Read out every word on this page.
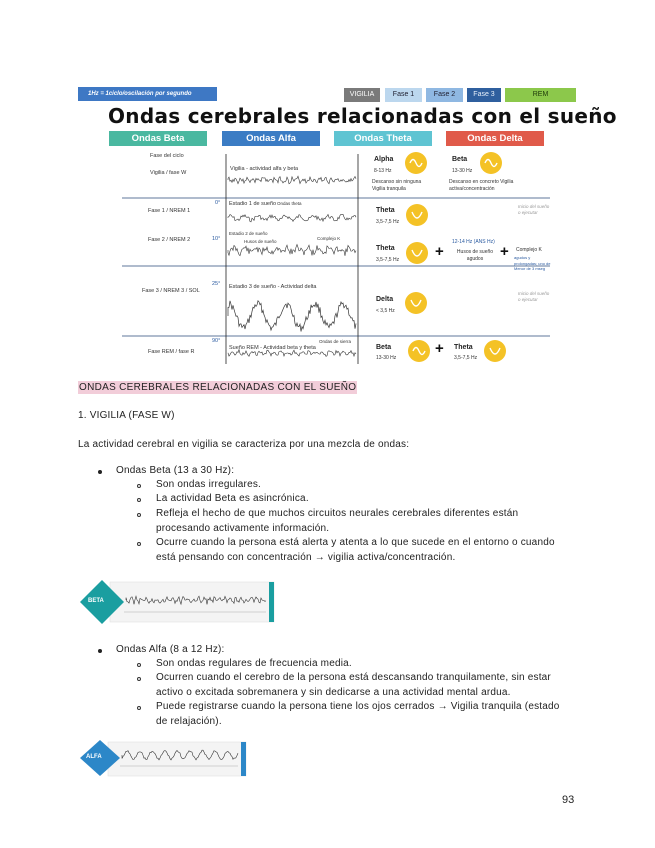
1Hz = 1ciclo/oscilación por segundo	VIGILIA	Fase 1	Fase 2	Fase 3	REM
Ondas cerebrales relacionadas con el sueño
Ondas Beta	Ondas Alfa	Ondas Theta	Ondas Delta
Fase del ciclo
Vigilia / fase W
Fase 1 / NREM 1
Fase 2 / NREM 2
Fase 3 / NREM 3 / SOL
Fase REM / fase R
0°
10°
25°
90°
Vigilia - actividad alfa y beta
Estadio 1 de sueño Ondas theta
Estadio 2 de sueño
Husos de sueño
Complejo K
Estadio 3 de sueño - Actividad delta
Sueño REM - Actividad beta y theta
Ondas de sierra
Alpha
8-13 Hz
Descanso sin ninguna Vigilia tranquila
Beta
13-30 Hz
Descanso en concreto Vigilia activa/concentración
Theta
3,5-7,5 Hz
Inicio del sueño o ejecutar
Theta
3,5-7,5 Hz +
12-14 Hz (ANS Hz)
Husos de sueño agudos	+ Complejo K
agudos y prolongadas; uno de Menor de 3 mseg
Delta
< 3,5 Hz
Inicio del sueño o ejecutar
Beta
13-30 Hz
+ Theta
3,5-7,5 Hz
ONDAS CEREBRALES RELACIONADAS CON EL SUEÑO
1. VIGILIA (FASE W)
La actividad cerebral en vigilia se caracteriza por una mezcla de ondas:
Ondas Beta (13 a 30 Hz):
Son ondas irregulares.
La actividad Beta es asincrónica.
Refleja el hecho de que muchos circuitos neurales cerebrales diferentes están procesando activamente información.
Ocurre cuando la persona está alerta y atenta a lo que sucede en el entorno o cuando está pensando con concentración → vigilia activa/concentración.
BETA
Ondas Alfa (8 a 12 Hz):
Son ondas regulares de frecuencia media.
Ocurren cuando el cerebro de la persona está descansando tranquilamente, sin estar activo o excitada sobremanera y sin dedicarse a una actividad mental ardua.
Puede registrarse cuando la persona tiene los ojos cerrados → Vigilia tranquila (estado de relajación).
ALFA
93
